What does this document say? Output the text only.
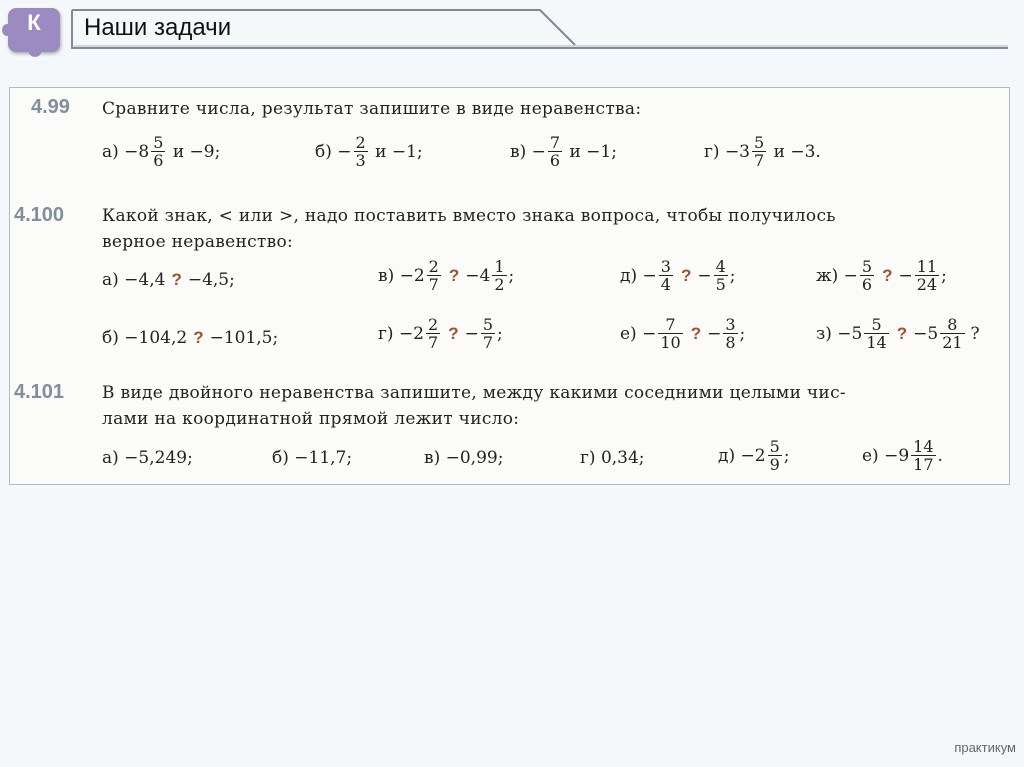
К	Наши задачи
4.99 Сравните числа, результат запишите в виде неравенства:
$а) -8 \frac{5}{6}$ и −9;	$б) - \frac{2}{3}$ и −1;	$в) - \frac{7}{6}$ и −1;	$г) -3 \frac{5}{7}$ и −3.
4.100 Какой знак, < или >, надо поставить вместо знака вопроса, чтобы получилось
верное неравенство:
а) −4,4 ? −4,5;
б) −104,2 ? −101,5;
$в) -2 \frac{2}{7}$ ? $-4 \frac{1}{2}$ ;
$г) -2 \frac{2}{7}$ ? − $\frac{5}{7}$ ;
$д) - \frac{3}{4}$ ? − $\frac{4}{5}$ ;
$е) - \frac{7}{10}$ ? − $\frac{3}{8}$ ;
$ж) - \frac{5}{6}$ ? − $\frac{11}{24}$ ;
$з) -5 \frac{5}{14}$ ? $-5 \frac{8}{21}$ ?
4.101 В виде двойного неравенства запишите, между какими соседними целыми чис-
лами на координатной прямой лежит число:
а) −5,249;	б) −11,7;	в) −0,99;	г) 0,34;	$д) -2 \frac{5}{9}$ ;	$е) -9 \frac{14}{17}$ .
практикум
